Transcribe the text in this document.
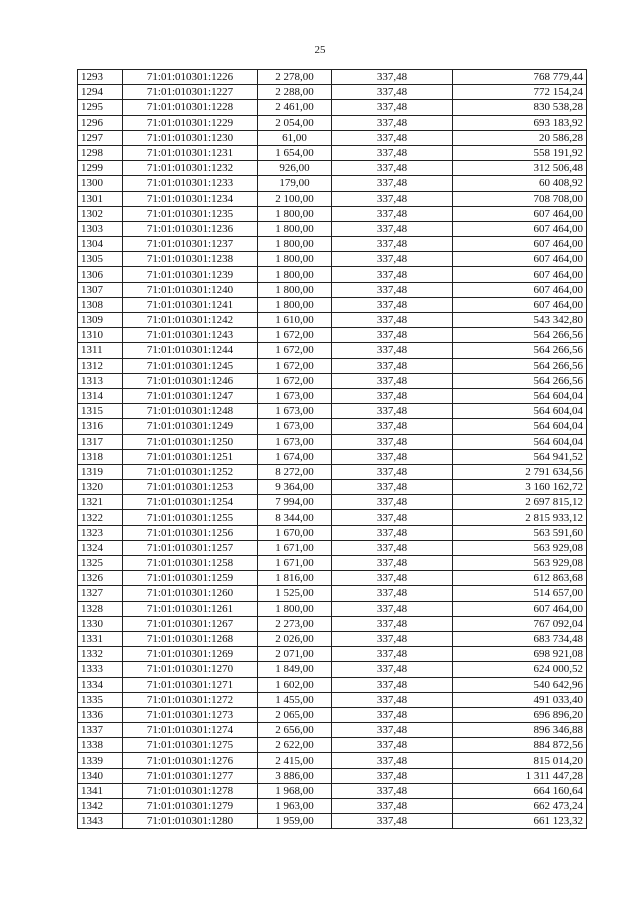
25
1293	71:01:010301:1226	2 278,00	337,48	768 779,44
1294	71:01:010301:1227	2 288,00	337,48	772 154,24
1295	71:01:010301:1228	2 461,00	337,48	830 538,28
1296	71:01:010301:1229	2 054,00	337,48	693 183,92
1297	71:01:010301:1230	61,00	337,48	20 586,28
1298	71:01:010301:1231	1 654,00	337,48	558 191,92
1299	71:01:010301:1232	926,00	337,48	312 506,48
1300	71:01:010301:1233	179,00	337,48	60 408,92
1301	71:01:010301:1234	2 100,00	337,48	708 708,00
1302	71:01:010301:1235	1 800,00	337,48	607 464,00
1303	71:01:010301:1236	1 800,00	337,48	607 464,00
1304	71:01:010301:1237	1 800,00	337,48	607 464,00
1305	71:01:010301:1238	1 800,00	337,48	607 464,00
1306	71:01:010301:1239	1 800,00	337,48	607 464,00
1307	71:01:010301:1240	1 800,00	337,48	607 464,00
1308	71:01:010301:1241	1 800,00	337,48	607 464,00
1309	71:01:010301:1242	1 610,00	337,48	543 342,80
1310	71:01:010301:1243	1 672,00	337,48	564 266,56
1311	71:01:010301:1244	1 672,00	337,48	564 266,56
1312	71:01:010301:1245	1 672,00	337,48	564 266,56
1313	71:01:010301:1246	1 672,00	337,48	564 266,56
1314	71:01:010301:1247	1 673,00	337,48	564 604,04
1315	71:01:010301:1248	1 673,00	337,48	564 604,04
1316	71:01:010301:1249	1 673,00	337,48	564 604,04
1317	71:01:010301:1250	1 673,00	337,48	564 604,04
1318	71:01:010301:1251	1 674,00	337,48	564 941,52
1319	71:01:010301:1252	8 272,00	337,48	2 791 634,56
1320	71:01:010301:1253	9 364,00	337,48	3 160 162,72
1321	71:01:010301:1254	7 994,00	337,48	2 697 815,12
1322	71:01:010301:1255	8 344,00	337,48	2 815 933,12
1323	71:01:010301:1256	1 670,00	337,48	563 591,60
1324	71:01:010301:1257	1 671,00	337,48	563 929,08
1325	71:01:010301:1258	1 671,00	337,48	563 929,08
1326	71:01:010301:1259	1 816,00	337,48	612 863,68
1327	71:01:010301:1260	1 525,00	337,48	514 657,00
1328	71:01:010301:1261	1 800,00	337,48	607 464,00
1330	71:01:010301:1267	2 273,00	337,48	767 092,04
1331	71:01:010301:1268	2 026,00	337,48	683 734,48
1332	71:01:010301:1269	2 071,00	337,48	698 921,08
1333	71:01:010301:1270	1 849,00	337,48	624 000,52
1334	71:01:010301:1271	1 602,00	337,48	540 642,96
1335	71:01:010301:1272	1 455,00	337,48	491 033,40
1336	71:01:010301:1273	2 065,00	337,48	696 896,20
1337	71:01:010301:1274	2 656,00	337,48	896 346,88
1338	71:01:010301:1275	2 622,00	337,48	884 872,56
1339	71:01:010301:1276	2 415,00	337,48	815 014,20
1340	71:01:010301:1277	3 886,00	337,48	1 311 447,28
1341	71:01:010301:1278	1 968,00	337,48	664 160,64
1342	71:01:010301:1279	1 963,00	337,48	662 473,24
1343	71:01:010301:1280	1 959,00	337,48	661 123,32
